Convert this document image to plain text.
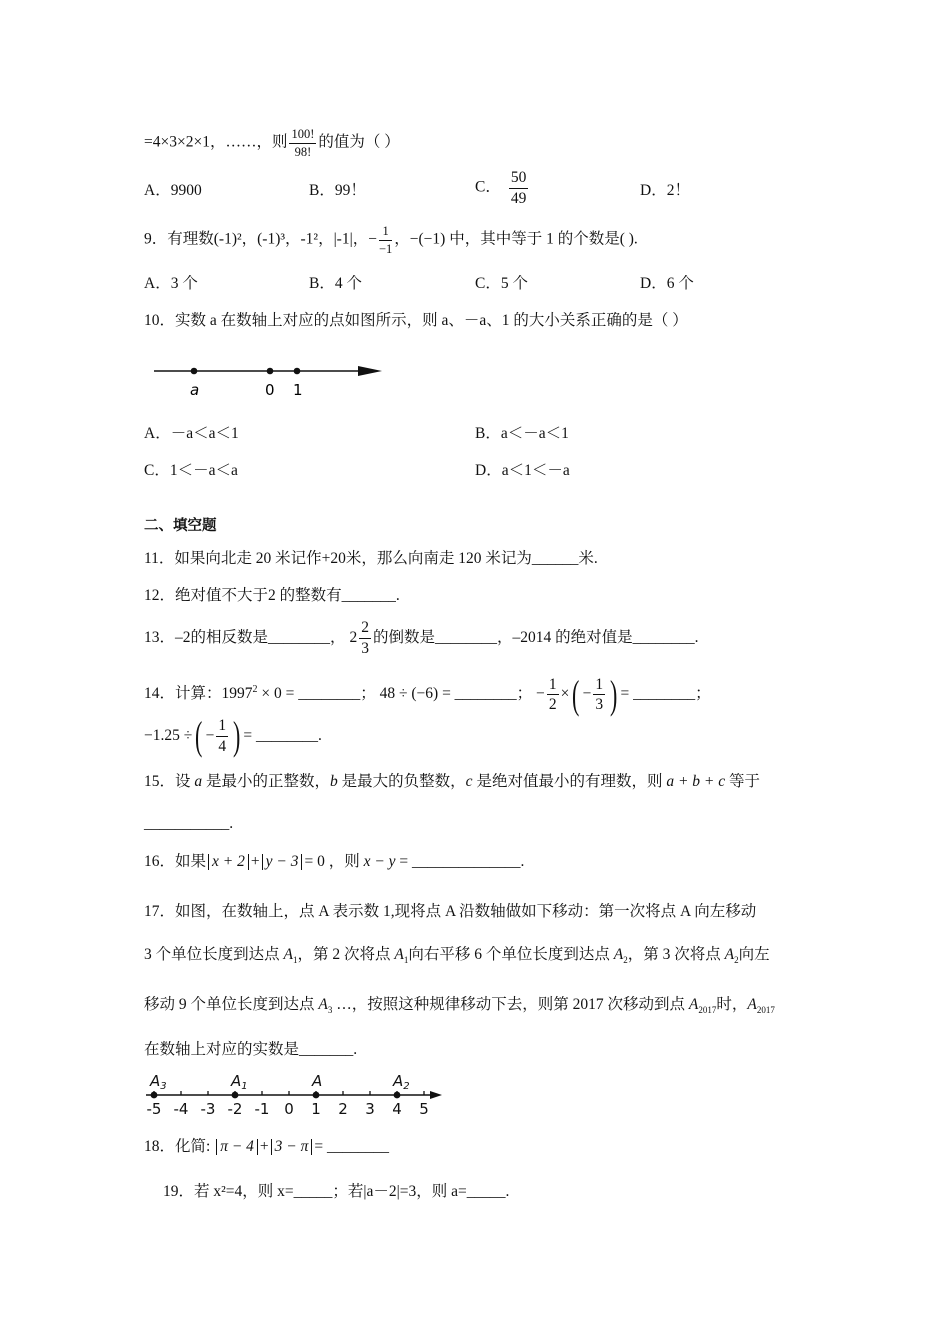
=4×3×2×1，……，则 $\frac{100!}{98!}$ 的值为（ ）
A．9900	B．99！	C． $\frac{50}{49}$	D．2！
9．有理数(-1)²，(-1)³，-1²，|-1|，− $\frac{1}{-1}$ ，−(−1) 中，其中等于 1 的个数是( ).
A．3 个	B．4 个	C．5 个	D．6 个
10．实数 a 在数轴上对应的点如图所示，则 a、－a、1 的大小关系正确的是（ ）
a	0 1
A．－a＜a＜1	B．a＜－a＜1
C．1＜－a＜a	D．a＜1＜－a
二、填空题
11．如果向北走 20 米记作+20米，那么向南走 120 米记为______米.
12．绝对值不大于2 的整数有_______.
13．–2的相反数是________， $2 \frac{2}{3}$ 的倒数是________，–2014 的绝对值是________.
14．计算：$1997^2 \times 0$ = ________； 48 ÷ (−6) = ________； − $\frac{1}{2}$ ×( − $\frac{1}{3}$ ) = ________；
−1.25 ÷( − $\frac{1}{4}$ ) = ________.
15．设 a 是最小的正整数，b 是最大的负整数，c 是绝对值最小的有理数，则 a + b + c 等于
___________.
16．如果 x + 2 + y − 3 = 0 ，则 x − y = ______________.
17．如图，在数轴上，点 A 表示数 1,现将点 A 沿数轴做如下移动：第一次将点 A 向左移动
3 个单位长度到达点 $A_1$，第 2 次将点 $A_1$向右平移 6 个单位长度到达点 $A_2$，第 3 次将点 $A_2$向左
移动 9 个单位长度到达点 $A_3$ …，按照这种规律移动下去，则第 2017 次移动到点 $A_{2017}$时，$A_{2017}$
在数轴上对应的实数是_______.
-5 -4 -3 -2 -1 0 1 2 3 4 5
$A_3$	$A_1$	A	$A_2$
18．化简: π − 4 + 3 − π = ________
19．若 x²=4，则 x=_____；若|a－2|=3，则 a=_____.
